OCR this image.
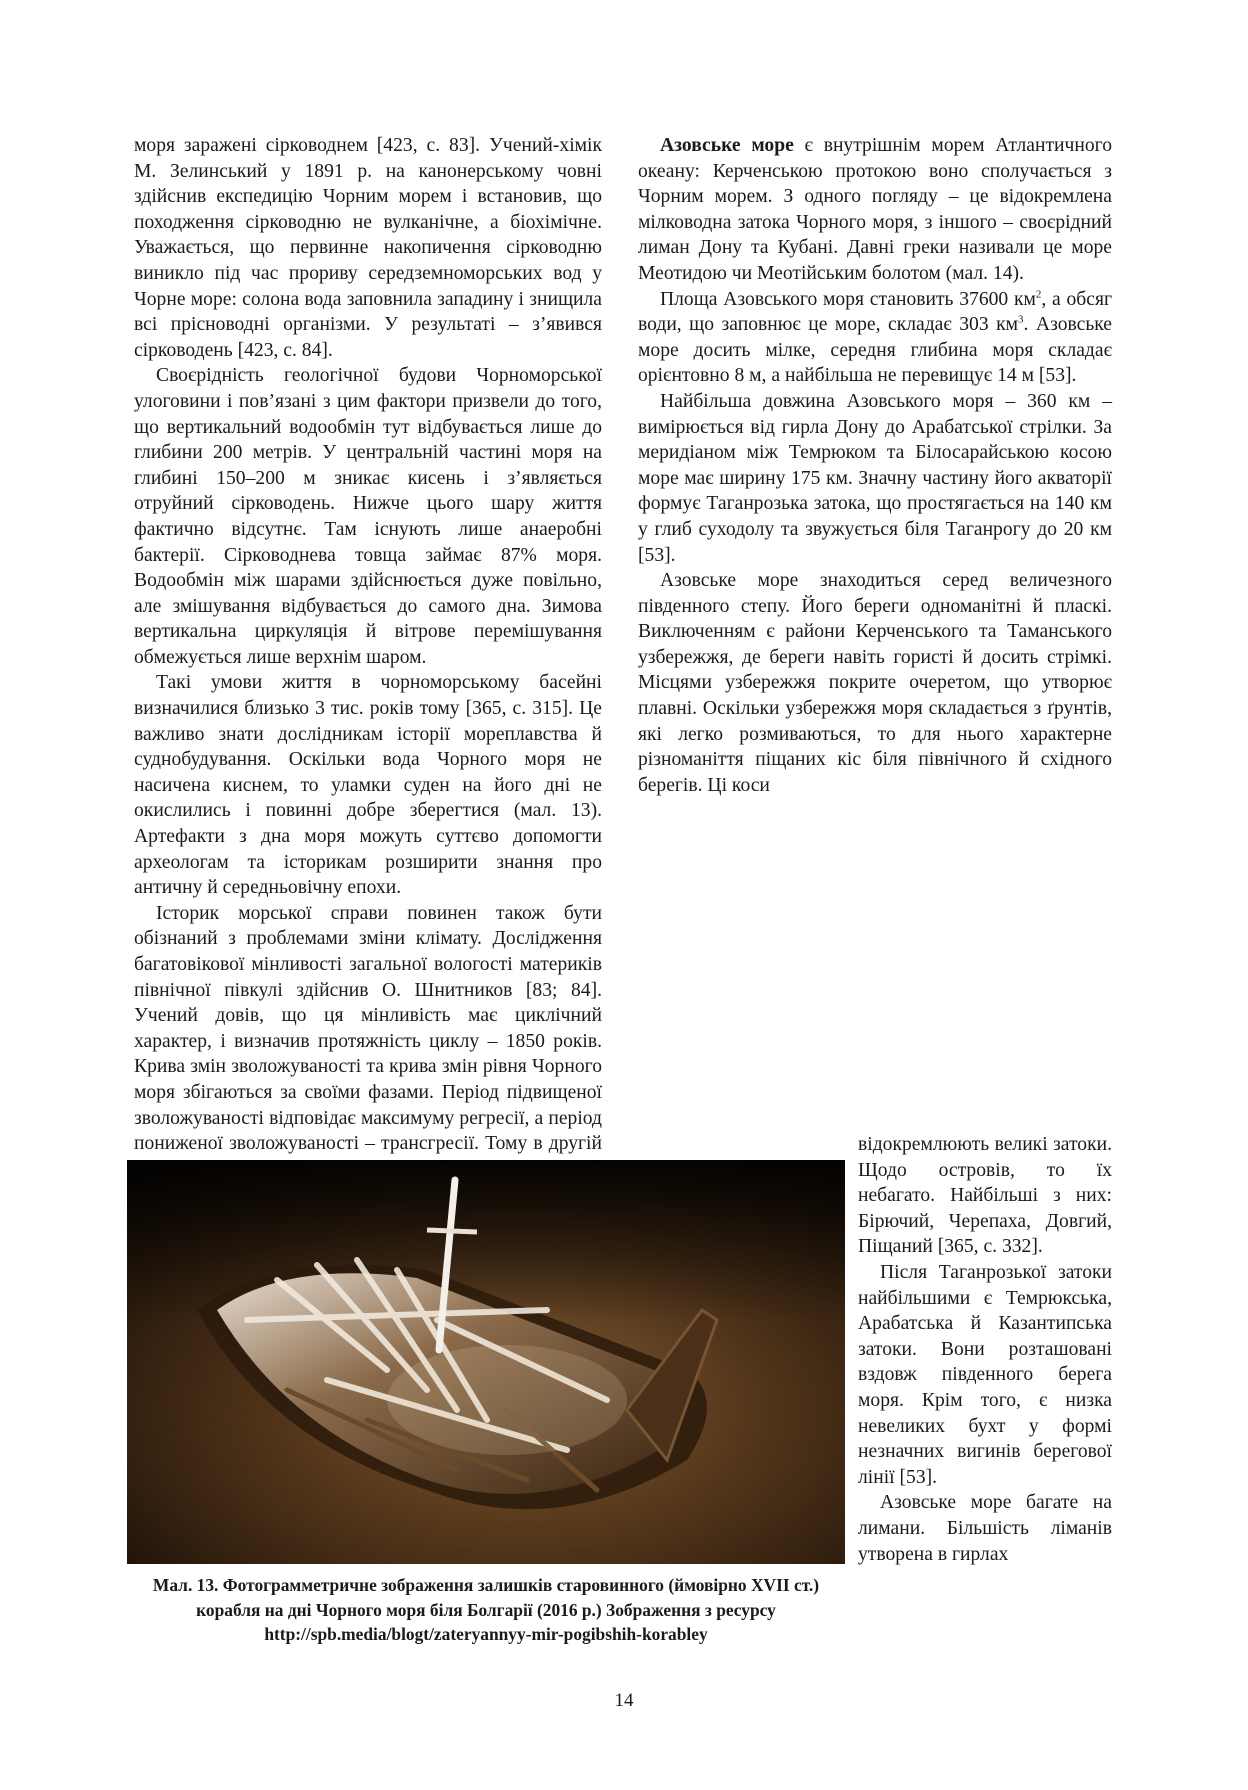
моря заражені сірководнем [423, с. 83]. Учений-хімік М. Зелинський у 1891 р. на канонерському човні здійснив експедицію Чорним морем і встановив, що походження сірководню не вулканічне, а біохімічне. Уважається, що первинне накопичення сірководню виникло під час прориву середземноморських вод у Чорне море: солона вода заповнила западину і знищила всі прісноводні організми. У результаті – з’явився сірководень [423, с. 84].

Своєрідність геологічної будови Чорноморської улоговини і пов’язані з цим фактори призвели до того, що вертикальний водообмін тут відбувається лише до глибини 200 метрів. У центральній частині моря на глибині 150–200 м зникає кисень і з’являється отруйний сірководень. Нижче цього шару життя фактично відсутнє. Там існують лише анаеробні бактерії. Сірководнева товща займає 87% моря. Водообмін між шарами здійснюється дуже повільно, але змішування відбувається до самого дна. Зимова вертикальна циркуляція й вітрове перемішування обмежується лише верхнім шаром.

Такі умови життя в чорноморському басейні визначилися близько 3 тис. років тому [365, с. 315]. Це важливо знати дослідникам історії мореплавства й суднобудування. Оскільки вода Чорного моря не насичена киснем, то уламки суден на його дні не окислились і повинні добре зберегтися (мал. 13). Артефакти з дна моря можуть суттєво допомогти археологам та історикам розширити знання про античну й середньовічну епохи.

Історик морської справи повинен також бути обізнаний з проблемами зміни клімату. Дослідження багатовікової мінливості загальної вологості материків північної півкулі здійснив О. Шнитников [83; 84]. Учений довів, що ця мінливість має циклічний характер, і визначив протяжність циклу – 1850 років. Крива змін зволожуваності та крива змін рівня Чорного моря збігаються за своїми фазами. Період підвищеної зволожуваності відповідає максимуму регресії, а період пониженої зволожуваності – трансгресії. Тому в другій

Азовське море є внутрішнім морем Атлантичного океану: Керченською протокою воно сполучається з Чорним морем. З одного погляду – це відокремлена мілководна затока Чорного моря, з іншого – своєрідний лиман Дону та Кубані. Давні греки називали це море Меотидою чи Меотійським болотом (мал. 14).

Площа Азовського моря становить 37600 $км^2$, а обсяг води, що заповнює це море, складає 303 $км^3$. Азовське море досить мілке, середня глибина моря складає орієнтовно 8 м, а найбільша не перевищує 14 м [53].

Найбільша довжина Азовського моря – 360 км – вимірюється від гирла Дону до Арабатської стрілки. За меридіаном між Темрюком та Білосарайською косою море має ширину 175 км. Значну частину його акваторії формує Таганрозька затока, що простягається на 140 км у глиб суходолу та звужується біля Таганрогу до 20 км [53].

Азовське море знаходиться серед величезного південного степу. Його береги одноманітні й пласкі. Виключенням є райони Керченського та Таманського узбережжя, де береги навіть гористі й досить стрімкі. Місцями узбережжя покрите очеретом, що утворює плавні. Оскільки узбережжя моря складається з ґрунтів, які легко розмиваються, то для нього характерне різноманіття піщаних кіс біля північного й східного берегів. Ці коси

відокремлюють великі затоки. Щодо островів, то їх небагато. Найбільші з них: Бірючий, Черепаха, Довгий, Піщаний [365, с. 332].

Після Таганрозької затоки найбільшими є Темрюкська, Арабатська й Казантипська затоки. Вони розташовані вздовж південного берега моря. Крім того, є низка невеликих бухт у формі незначних вигинів берегової лінії [53].

Азовське море багате на лимани. Більшість ліманів утворена в гирлах

Мал. 13. Фотограмметричне зображення залишків старовинного (ймовірно XVII ст.) корабля на дні Чорного моря біля Болгарії (2016 р.) Зображення з ресурсу http://spb.media/blogt/zateryannyy-mir-pogibshih-korabley
14
